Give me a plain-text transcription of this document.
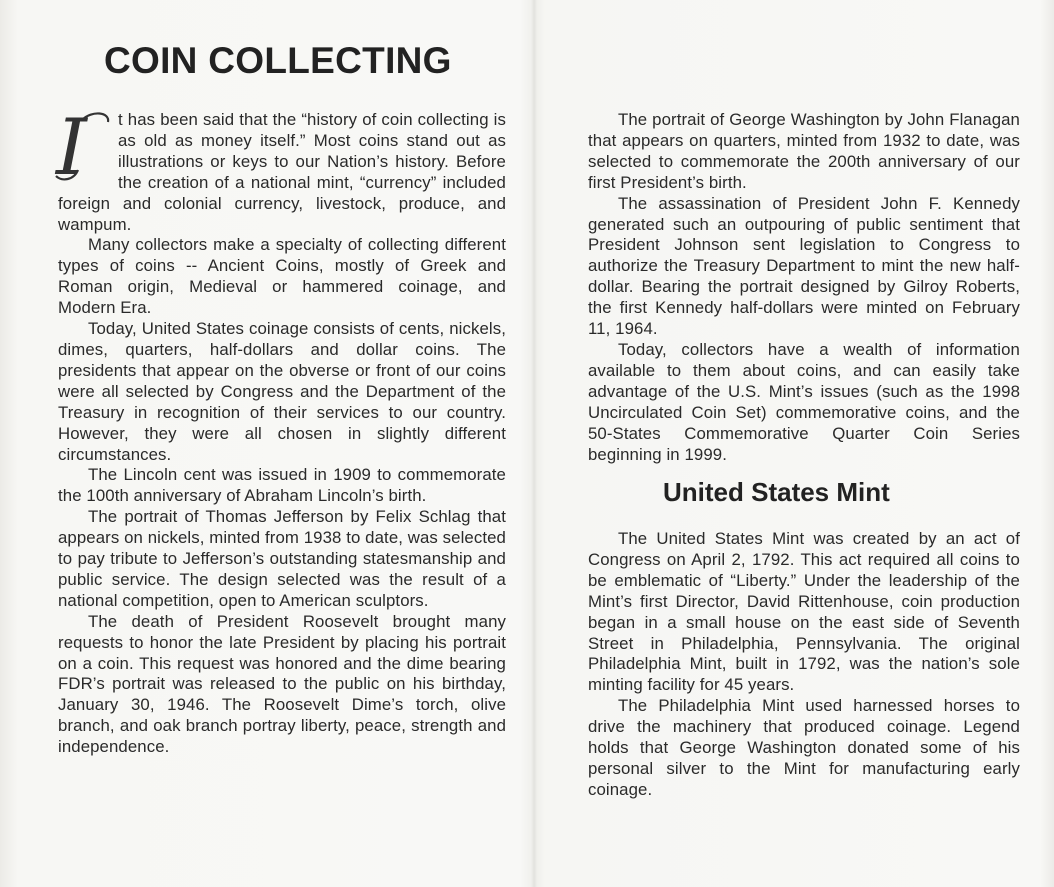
COIN COLLECTING

I t has been said that the “history of coin collecting is as old as money itself.” Most coins stand out as illustrations or keys to our Nation’s history. Before the creation of a national mint, “currency” included foreign and colonial currency, livestock, produce, and wampum.

Many collectors make a specialty of collecting different types of coins -- Ancient Coins, mostly of Greek and Roman origin, Medieval or hammered coinage, and Modern Era.

Today, United States coinage consists of cents, nickels, dimes, quarters, half-dollars and dollar coins. The presidents that appear on the obverse or front of our coins were all selected by Congress and the Department of the Treasury in recognition of their services to our country. However, they were all chosen in slightly different circumstances.

The Lincoln cent was issued in 1909 to commemorate the 100th anniversary of Abraham Lincoln’s birth.

The portrait of Thomas Jefferson by Felix Schlag that appears on nickels, minted from 1938 to date, was selected to pay tribute to Jefferson’s outstanding statesmanship and public service. The design selected was the result of a national competition, open to American sculptors.

The death of President Roosevelt brought many requests to honor the late President by placing his portrait on a coin. This request was honored and the dime bearing FDR’s portrait was released to the public on his birthday, January 30, 1946. The Roosevelt Dime’s torch, olive branch, and oak branch portray liberty, peace, strength and independence.

The portrait of George Washington by John Flanagan that appears on quarters, minted from 1932 to date, was selected to commemorate the 200th anniversary of our first President’s birth.

The assassination of President John F. Kennedy generated such an outpouring of public sentiment that President Johnson sent legislation to Congress to authorize the Treasury Department to mint the new half-dollar. Bearing the portrait designed by Gilroy Roberts, the first Kennedy half-dollars were minted on February 11, 1964.

Today, collectors have a wealth of information available to them about coins, and can easily take advantage of the U.S. Mint’s issues (such as the 1998 Uncirculated Coin Set) commemorative coins, and the 50-States Commemorative Quarter Coin Series beginning in 1999.

United States Mint

The United States Mint was created by an act of Congress on April 2, 1792. This act required all coins to be emblematic of “Liberty.” Under the leadership of the Mint’s first Director, David Rittenhouse, coin production began in a small house on the east side of Seventh Street in Philadelphia, Pennsylvania. The original Philadelphia Mint, built in 1792, was the nation’s sole minting facility for 45 years.

The Philadelphia Mint used harnessed horses to drive the machinery that produced coinage. Legend holds that George Washington donated some of his personal silver to the Mint for manufacturing early coinage.
